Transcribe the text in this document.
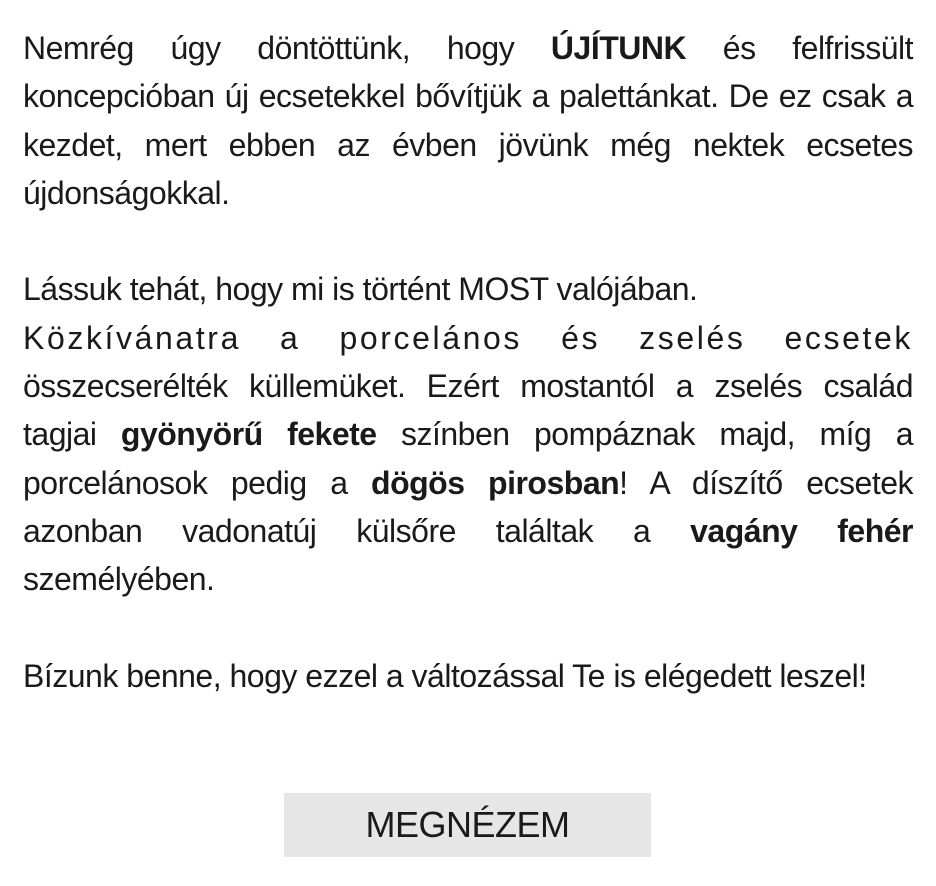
Nemrég úgy döntöttünk, hogy ÚJÍTUNK és felfrissült koncepcióban új ecsetekkel bővítjük a palettánkat. De ez csak a kezdet, mert ebben az évben jövünk még nektek ecsetes újdonságokkal.

Lássuk tehát, hogy mi is történt MOST valójában.

Közkívánatra a porcelános és zselés ecsetek összecserélték küllemüket. Ezért mostantól a zselés család tagjai gyönyörű fekete színben pompáznak majd, míg a porcelánosok pedig a dögös pirosban! A díszítő ecsetek azonban vadonatúj külsőre találtak a vagány fehér személyében.

Bízunk benne, hogy ezzel a változással Te is elégedett leszel!

MEGNÉZEM
